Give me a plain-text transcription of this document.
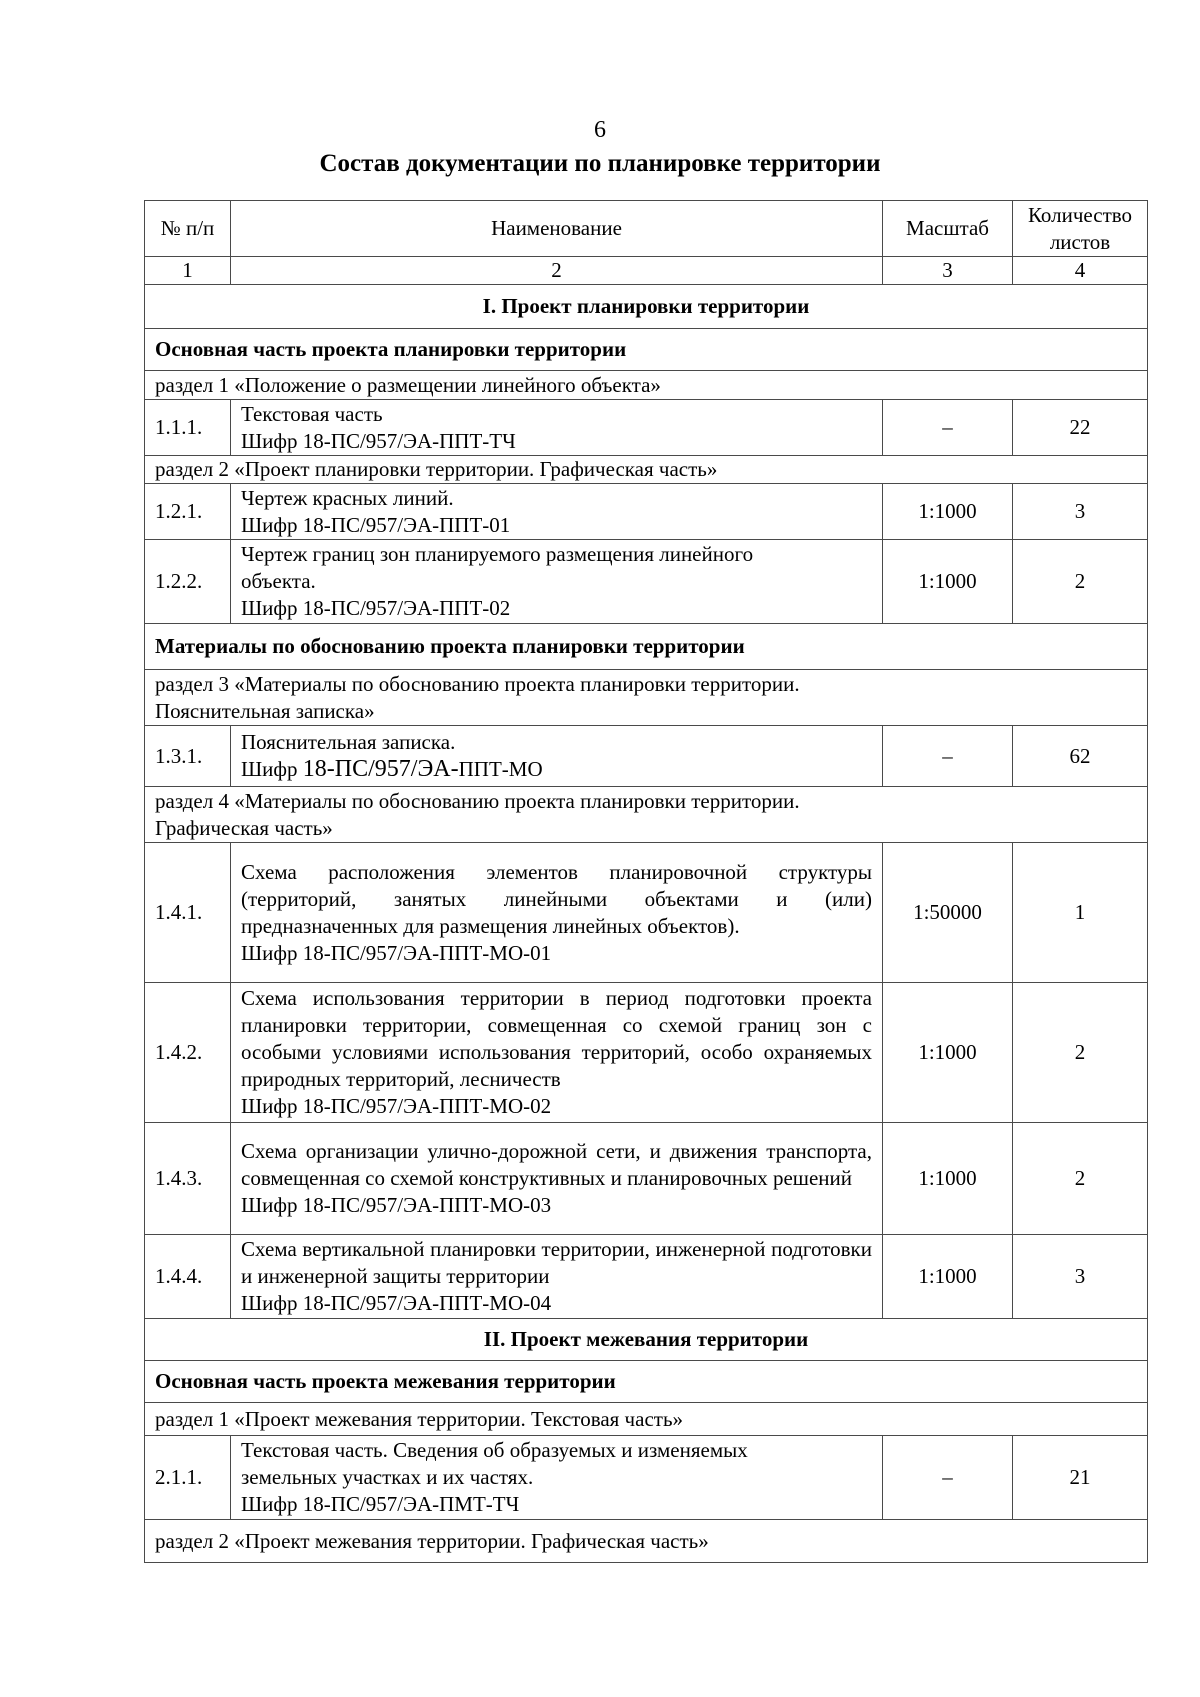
6
Состав документации по планировке территории
№ п/п	Наименование	Масштаб	Количество
листов

1	2	3	4
I. Проект планировки территории			
Основная часть проекта планировки территории			
раздел 1 «Положение о размещении линейного объекта»			
1.1.1.	Текстовая часть
Шифр 18-ПС/957/ЭА-ППТ-ТЧ	–	22
раздел 2 «Проект планировки территории. Графическая часть»			
1.2.1.	Чертеж красных линий.
Шифр 18-ПС/957/ЭА-ППТ-01	1:1000	3
1.2.2.	Чертеж границ зон планируемого размещения линейного
объекта.
Шифр 18-ПС/957/ЭА-ППТ-02	1:1000	2
Материалы по обоснованию проекта планировки территории			

раздел 3 «Материалы по обоснованию проекта планировки территории.
Пояснительная записка»			

1.3.1.	Пояснительная записка.
Шифр 18-ПС/957/ЭА-ППТ-МО	–	62

раздел 4 «Материалы по обоснованию проекта планировки территории.
Графическая часть»			

1.4.1.	Схема расположения элементов планировочной структуры (территорий, занятых линейными объектами и (или) предназначенных для размещения линейных объектов).
Шифр 18-ПС/957/ЭА-ППТ-МО-01	1:50000	1
1.4.2.	Схема использования территории в период подготовки проекта планировки территории, совмещенная со схемой границ зон с особыми условиями использования территорий, особо охраняемых природных территорий, лесничеств
Шифр 18-ПС/957/ЭА-ППТ-МО-02	1:1000	2
1.4.3.	Схема организации улично-дорожной сети, и движения транспорта, совмещенная со схемой конструктивных и планировочных решений
Шифр 18-ПС/957/ЭА-ППТ-МО-03	1:1000	2
1.4.4.	Схема вертикальной планировки территории, инженерной подготовки и инженерной защиты территории
Шифр 18-ПС/957/ЭА-ППТ-МО-04	1:1000	3
II. Проект межевания территории			
Основная часть проекта межевания территории			
раздел 1 «Проект межевания территории. Текстовая часть»			
2.1.1.	Текстовая часть. Сведения об образуемых и изменяемых
земельных участках и их частях.
Шифр 18-ПС/957/ЭА-ПМТ-ТЧ	–	21
раздел 2 «Проект межевания территории. Графическая часть»			
